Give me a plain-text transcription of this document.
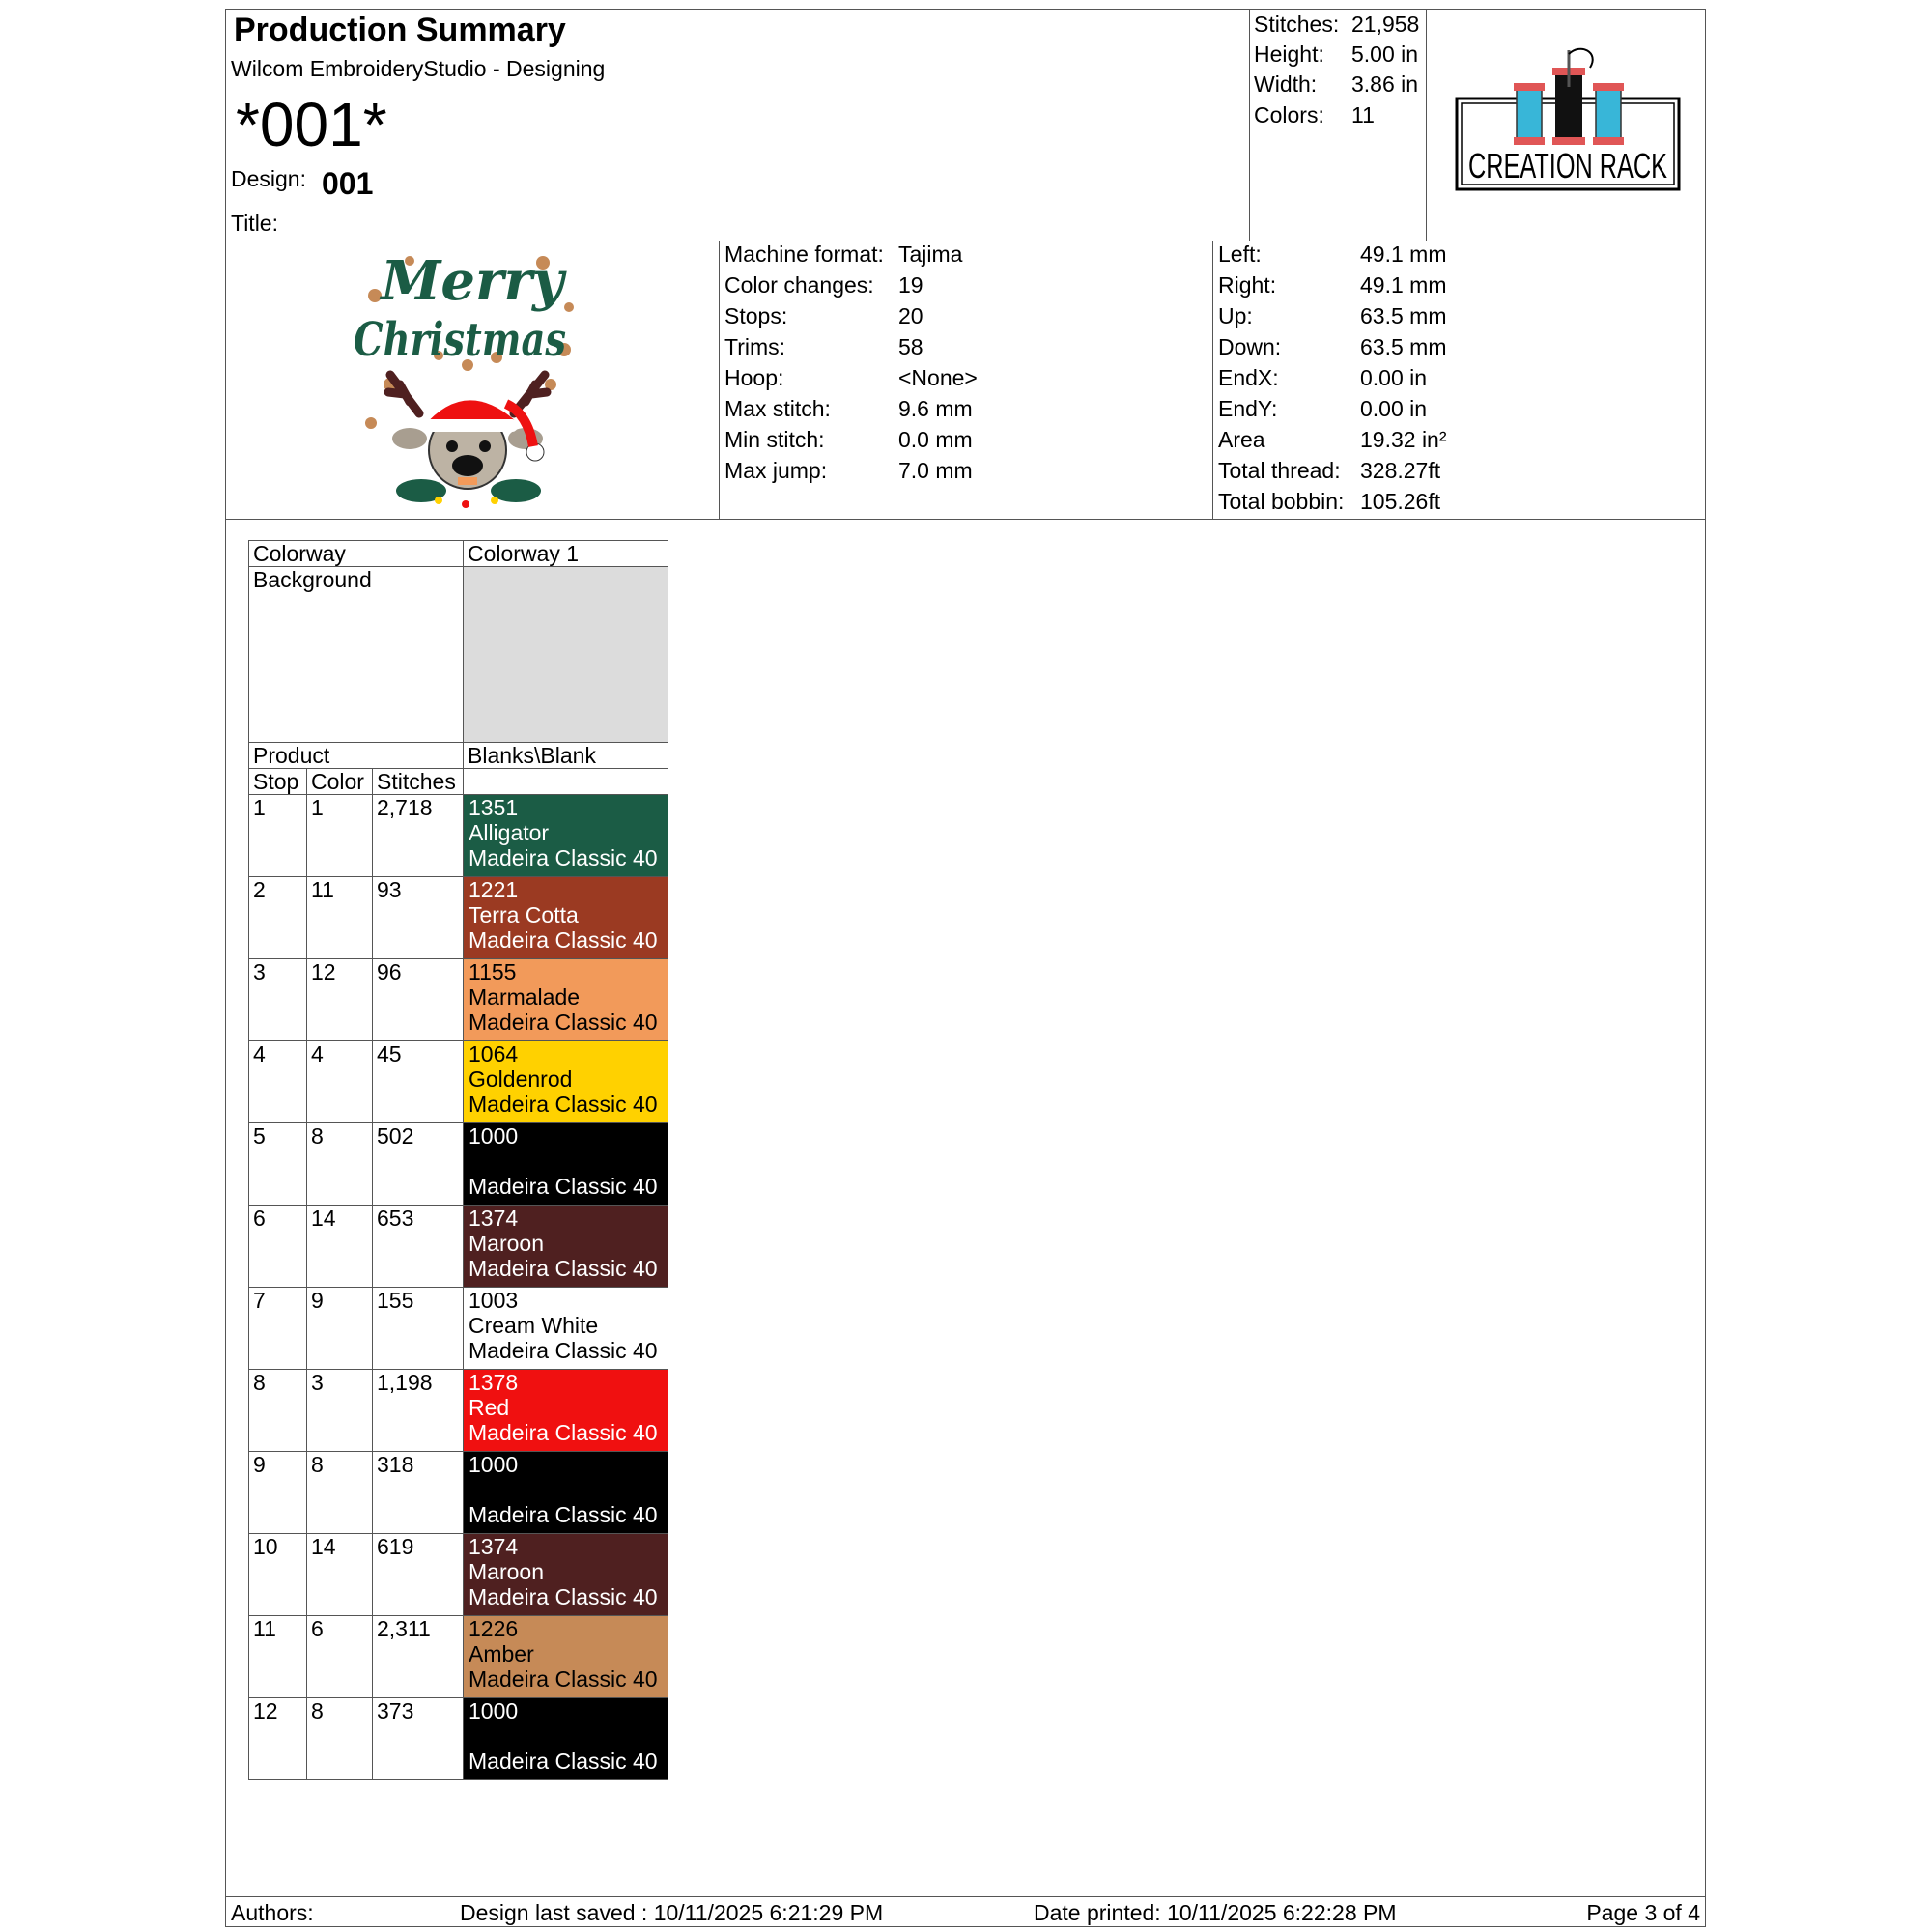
Production Summary
Wilcom EmbroideryStudio - Designing
*001*
Design: 001
Title:
Stitches: 21,958
Height: 5.00 in
Width: 3.86 in
Colors: 11
CREATION RACK
Merry
Christmas
Machine format: Tajima
Color changes: 19
Stops:	20
Trims:	58
Hoop:	<None>
Max stitch:	9.6 mm
Min stitch:	0.0 mm
Max jump:	7.0 mm
Left:	49.1 mm
Right:	49.1 mm
Up:	63.5 mm
Down:	63.5 mm
EndX:	0.00 in
EndY:	0.00 in
Area	19.32 in²
Total thread: 328.27ft
Total bobbin: 105.26ft
Colorway			Colorway 1
Background			
Product			Blanks\Blank
Stop	Color	Stitches	
1	1	2,718	1351
Alligator
Madeira Classic 40

2	11	93	1221
Terra Cotta
Madeira Classic 40

3	12	96	1155
Marmalade
Madeira Classic 40

4	4	45	1064
Goldenrod
Madeira Classic 40

5	8	502	1000
Madeira Classic 40

6	14	653	1374
Maroon
Madeira Classic 40

7	9	155	1003
Cream White
Madeira Classic 40

8	3	1,198	1378
Red
Madeira Classic 40

9	8	318	1000
Madeira Classic 40

10	14	619	1374
Maroon
Madeira Classic 40

11	6	2,311	1226
Amber
Madeira Classic 40

12	8	373	1000
Madeira Classic 40
Authors:	Design last saved : 10/11/2025 6:21:29 PM	Date printed: 10/11/2025 6:22:28 PM	Page 3 of 4
